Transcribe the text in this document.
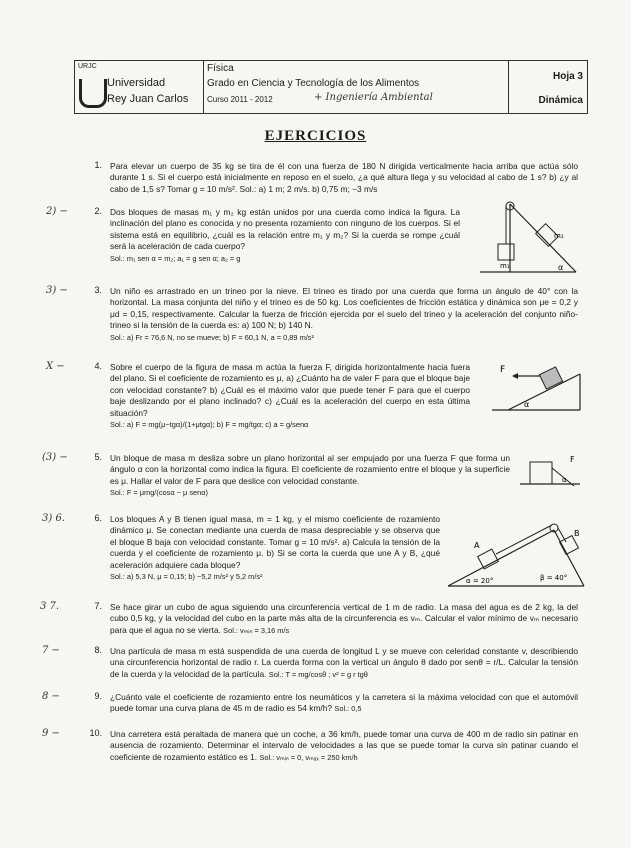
URJC
Universidad
Rey Juan Carlos
Física
Grado en Ciencia y Tecnología de los Alimentos
Curso 2011 - 2012	+ Ingeniería Ambiental
Hoja 3
Dinámica
EJERCICIOS
1. Para elevar un cuerpo de 35 kg se tira de él con una fuerza de 180 N dirigida verticalmente hacia arriba que actúa sólo durante 1 s. Si el cuerpo está inicialmente en reposo en el suelo, ¿a qué altura llega y su velocidad al cabo de 1 s? b) ¿y al cabo de 1,5 s? Tomar g = 10 m/s². Sol.: a) 1 m; 2 m/s. b) 0,75 m; −3 m/s
2) −	2. Dos bloques de masas m₁ y m₂ kg están unidos por una cuerda como indica la figura. La inclinación del plano es conocida y no presenta rozamiento con ninguno de los cuerpos. Si el sistema está en equilibrio, ¿cuál es la relación entre m₁ y m₂? Si la cuerda se rompe ¿cuál será la aceleración de cada cuerpo?
Sol.: m₁ sen α = m₂; a₁ = g sen α; a₂ = g
m₁
m₂
α
3) −	3. Un niño es arrastrado en un trineo por la nieve. El trineo es tirado por una cuerda que forma un ángulo de 40° con la horizontal. La masa conjunta del niño y el trineo es de 50 kg. Los coeficientes de fricción estática y dinámica son μe = 0,2 y μd = 0,15, respectivamente. Calcular la fuerza de fricción ejercida por el suelo del trineo y la aceleración del conjunto niño-trineo si la tensión de la cuerda es: a) 100 N; b) 140 N.
Sol.: a) Fr = 76,6 N, no se mueve; b) F = 60,1 N, a = 0,89 m/s²
X −	4. Sobre el cuerpo de la figura de masa m actúa la fuerza F, dirigida horizontalmente hacia fuera del plano. Si el coeficiente de rozamiento es μ, a) ¿Cuánto ha de valer F para que el bloque baje con velocidad constante? b) ¿Cuál es el máximo valor que puede tener F para que el cuerpo baje deslizando por el plano inclinado? c) ¿Cuál es la aceleración del cuerpo en esta última situación?
Sol.: a) F = mg(μ−tgα)/(1+μtgα); b) F = mg/tgα; c) a = g/senα
F
α
(3) −	5. Un bloque de masa m desliza sobre un plano horizontal al ser empujado por una fuerza F que forma un ángulo α con la horizontal como indica la figura. El coeficiente de rozamiento entre el bloque y la superficie es μ. Hallar el valor de F para que deslice con velocidad constante.
Sol.: F = μmg/(cosα − μ senα)
F
α
3) 6.	6. Los bloques A y B tienen igual masa, m = 1 kg, y el mismo coeficiente de rozamiento dinámico μ. Se conectan mediante una cuerda de masa despreciable y se observa que el bloque B baja con velocidad constante. Tomar g = 10 m/s². a) Calcula la tensión de la cuerda y el coeficiente de rozamiento μ. b) Si se corta la cuerda que une A y B, ¿qué aceleración adquiere cada bloque?
Sol.: a) 5,3 N, μ = 0,15; b) −5,2 m/s² y 5,2 m/s²
A
B
α = 20°	β = 40°
3 7.	7. Se hace girar un cubo de agua siguiendo una circunferencia vertical de 1 m de radio. La masa del agua es de 2 kg, la del cubo 0,5 kg, y la velocidad del cubo en la parte más alta de la circunferencia es vₘ. Calcular el valor mínimo de vₘ necesario para que el agua no se vierta. Sol.: vₘᵢₙ = 3,16 m/s
7 −	8. Una partícula de masa m está suspendida de una cuerda de longitud L y se mueve con celeridad constante v, describiendo una circunferencia horizontal de radio r. La cuerda forma con la vertical un ángulo θ dado por senθ = r/L. Calcular la tensión de la cuerda y la velocidad de la partícula. Sol.: T = mg/cosθ ; v² = g r tgθ
8 −	9. ¿Cuánto vale el coeficiente de rozamiento entre los neumáticos y la carretera si la máxima velocidad con que el automóvil puede tomar una curva plana de 45 m de radio es 54 km/h? Sol.: 0,5
9 −	10. Una carretera está peraltada de manera que un coche, a 36 km/h, puede tomar una curva de 400 m de radio sin patinar en ausencia de rozamiento. Determinar el intervalo de velocidades a las que se puede tomar la curva sin patinar cuando el coeficiente de rozamiento estático es 1. Sol.: vₘᵢₙ = 0, vₘₐₓ = 250 km/h
